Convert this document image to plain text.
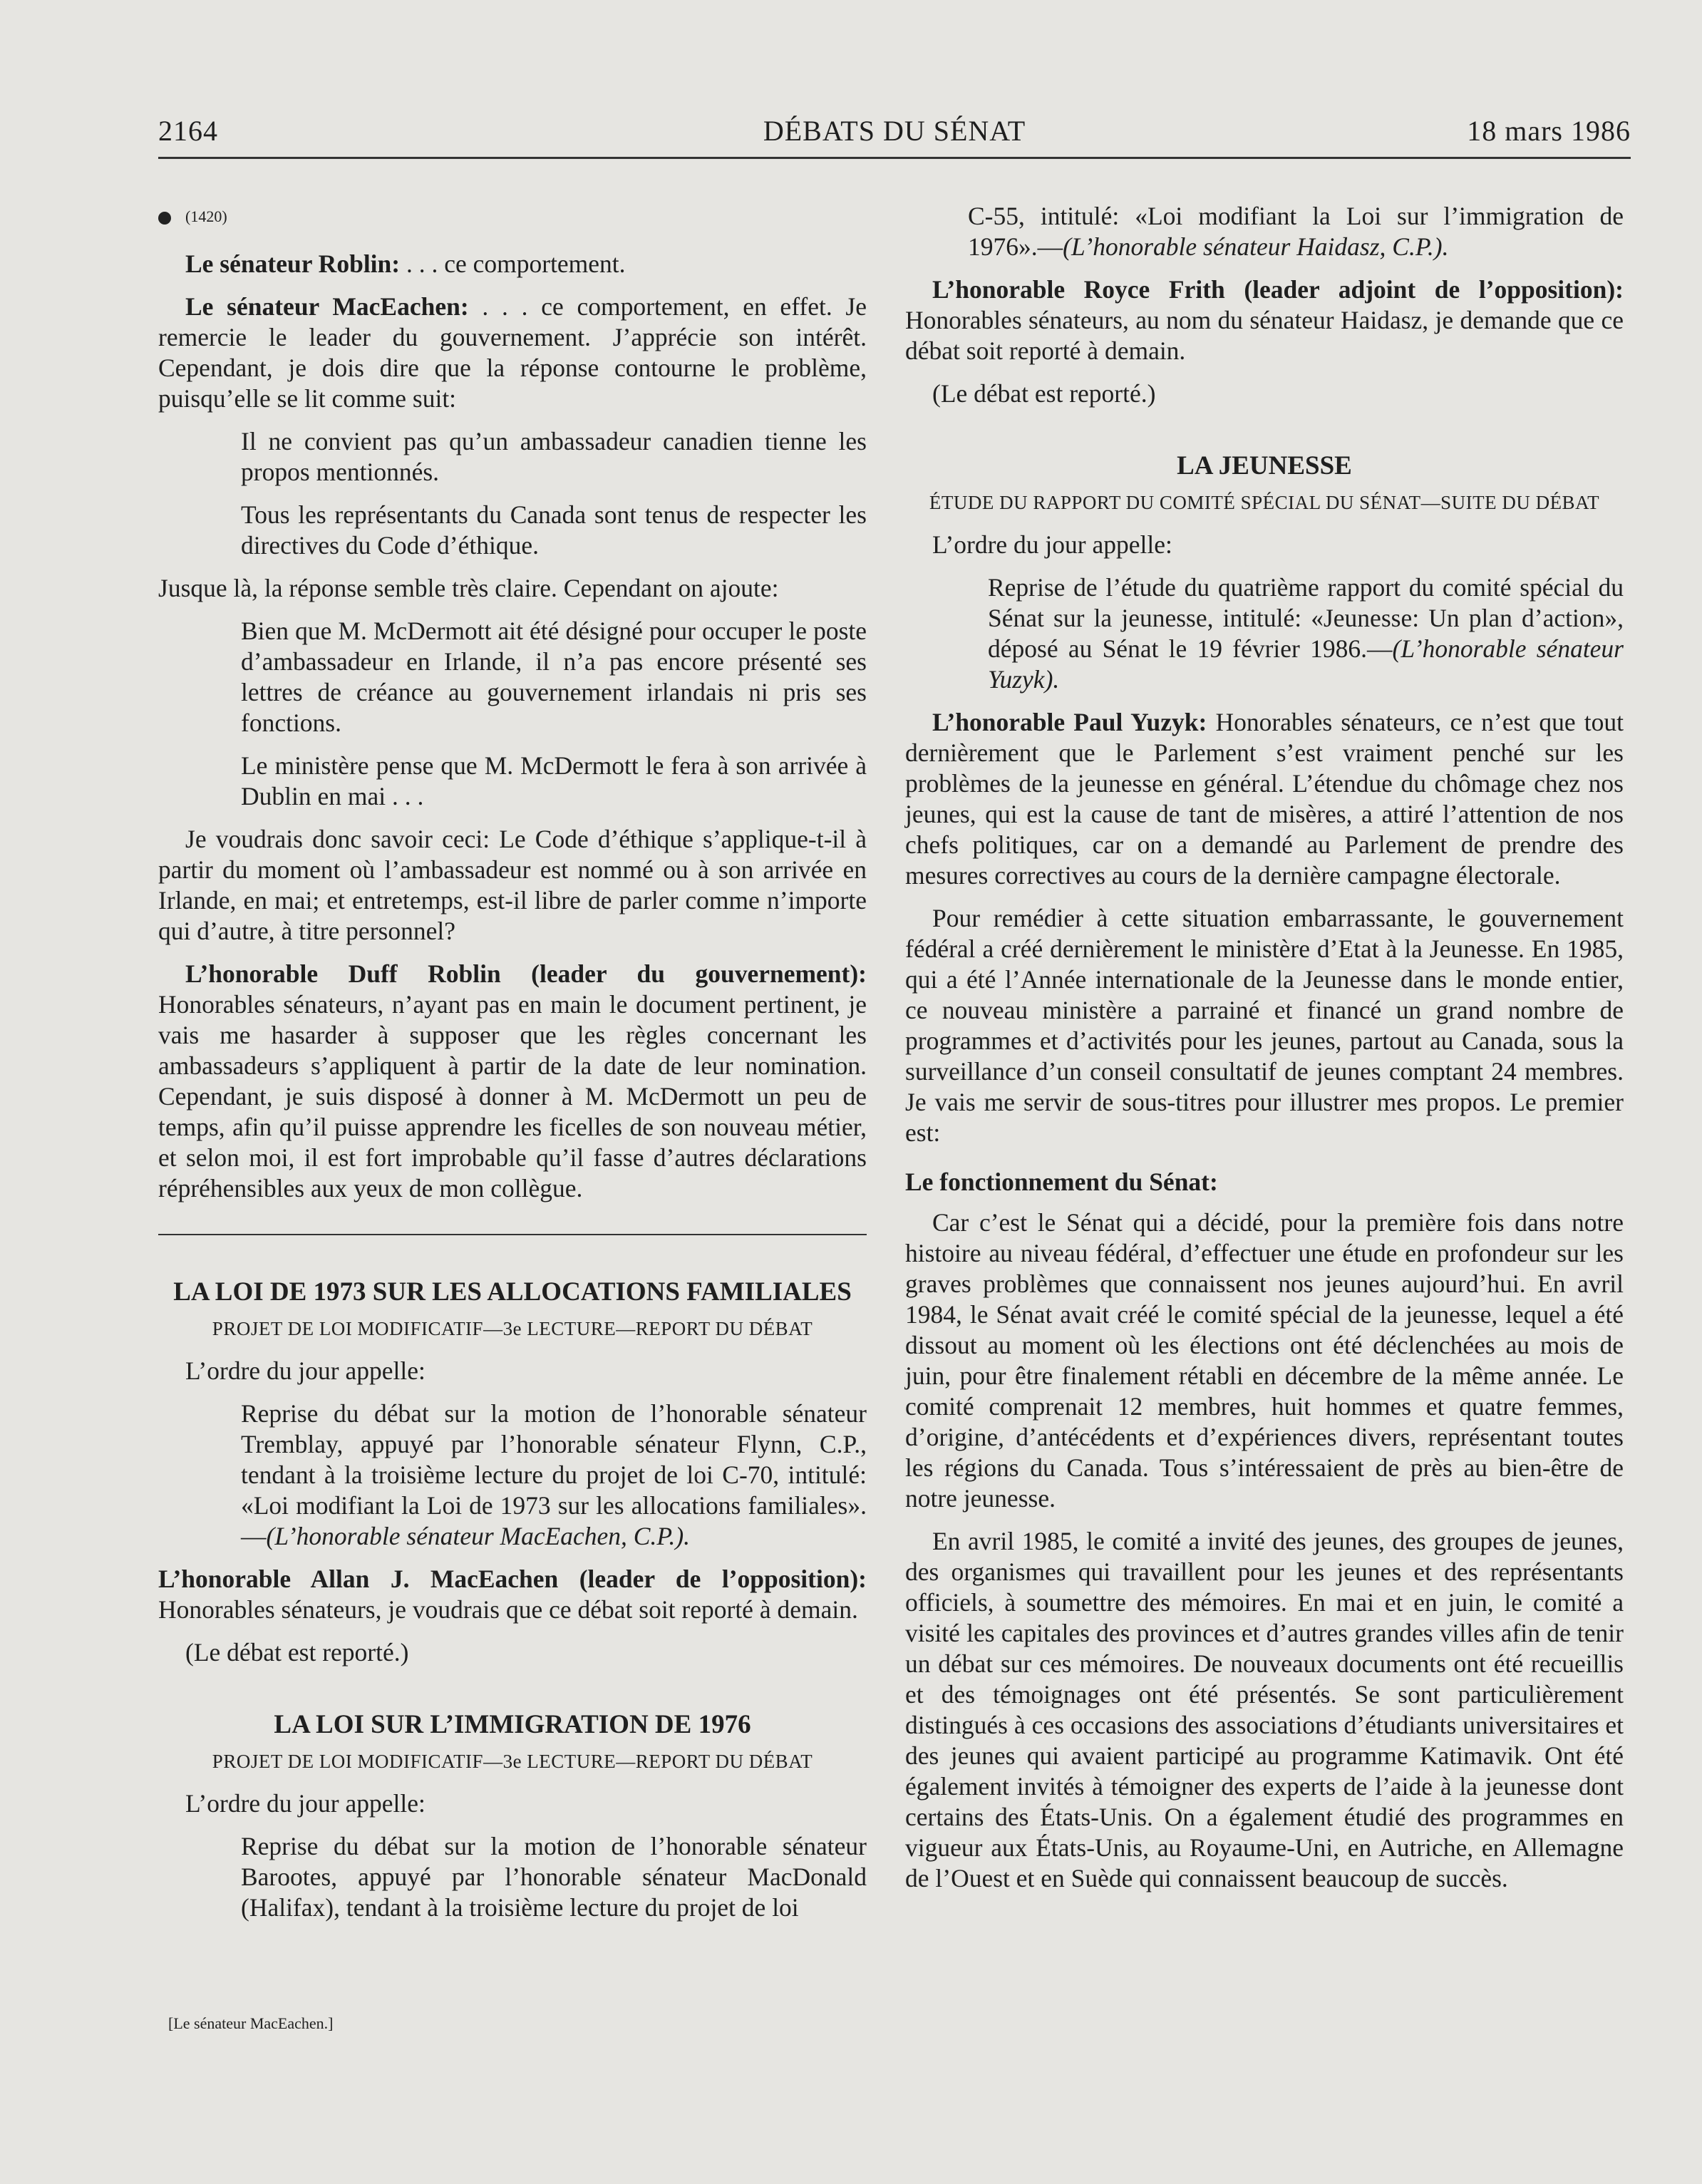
DÉBATS DU SÉNAT
2164	18 mars 1986
(1420)

Le sénateur Roblin: . . . ce comportement.

Le sénateur MacEachen: . . . ce comportement, en effet. Je remercie le leader du gouvernement. J’apprécie son intérêt. Cependant, je dois dire que la réponse contourne le problème, puisqu’elle se lit comme suit:

Il ne convient pas qu’un ambassadeur canadien tienne les propos mentionnés.

Tous les représentants du Canada sont tenus de respecter les directives du Code d’éthique.

Jusque là, la réponse semble très claire. Cependant on ajoute:

Bien que M. McDermott ait été désigné pour occuper le poste d’ambassadeur en Irlande, il n’a pas encore présenté ses lettres de créance au gouvernement irlandais ni pris ses fonctions.

Le ministère pense que M. McDermott le fera à son arrivée à Dublin en mai . . .

Je voudrais donc savoir ceci: Le Code d’éthique s’applique-t-il à partir du moment où l’ambassadeur est nommé ou à son arrivée en Irlande, en mai; et entretemps, est-il libre de parler comme n’importe qui d’autre, à titre personnel?

L’honorable Duff Roblin (leader du gouvernement): Honorables sénateurs, n’ayant pas en main le document pertinent, je vais me hasarder à supposer que les règles concernant les ambassadeurs s’appliquent à partir de la date de leur nomination. Cependant, je suis disposé à donner à M. McDermott un peu de temps, afin qu’il puisse apprendre les ficelles de son nouveau métier, et selon moi, il est fort improbable qu’il fasse d’autres déclarations répréhensibles aux yeux de mon collègue.

LA LOI DE 1973 SUR LES ALLOCATIONS FAMILIALES

PROJET DE LOI MODIFICATIF—3e LECTURE—REPORT DU DÉBAT

L’ordre du jour appelle:

Reprise du débat sur la motion de l’honorable sénateur Tremblay, appuyé par l’honorable sénateur Flynn, C.P., tendant à la troisième lecture du projet de loi C-70, intitulé: «Loi modifiant la Loi de 1973 sur les allocations familiales».—(L’honorable sénateur MacEachen, C.P.).

L’honorable Allan J. MacEachen (leader de l’opposition): Honorables sénateurs, je voudrais que ce débat soit reporté à demain.

(Le débat est reporté.)

LA LOI SUR L’IMMIGRATION DE 1976

PROJET DE LOI MODIFICATIF—3e LECTURE—REPORT DU DÉBAT

L’ordre du jour appelle:

Reprise du débat sur la motion de l’honorable sénateur Barootes, appuyé par l’honorable sénateur MacDonald (Halifax), tendant à la troisième lecture du projet de loi

[Le sénateur MacEachen.]

C-55, intitulé: «Loi modifiant la Loi sur l’immigration de 1976».—(L’honorable sénateur Haidasz, C.P.).

L’honorable Royce Frith (leader adjoint de l’opposition): Honorables sénateurs, au nom du sénateur Haidasz, je demande que ce débat soit reporté à demain.

(Le débat est reporté.)

LA JEUNESSE

ÉTUDE DU RAPPORT DU COMITÉ SPÉCIAL DU SÉNAT—SUITE DU DÉBAT

L’ordre du jour appelle:

Reprise de l’étude du quatrième rapport du comité spécial du Sénat sur la jeunesse, intitulé: «Jeunesse: Un plan d’action», déposé au Sénat le 19 février 1986.—(L’honorable sénateur Yuzyk).

L’honorable Paul Yuzyk: Honorables sénateurs, ce n’est que tout dernièrement que le Parlement s’est vraiment penché sur les problèmes de la jeunesse en général. L’étendue du chômage chez nos jeunes, qui est la cause de tant de misères, a attiré l’attention de nos chefs politiques, car on a demandé au Parlement de prendre des mesures correctives au cours de la dernière campagne électorale.

Pour remédier à cette situation embarrassante, le gouvernement fédéral a créé dernièrement le ministère d’Etat à la Jeunesse. En 1985, qui a été l’Année internationale de la Jeunesse dans le monde entier, ce nouveau ministère a parrainé et financé un grand nombre de programmes et d’activités pour les jeunes, partout au Canada, sous la surveillance d’un conseil consultatif de jeunes comptant 24 membres. Je vais me servir de sous-titres pour illustrer mes propos. Le premier est:

Le fonctionnement du Sénat:

Car c’est le Sénat qui a décidé, pour la première fois dans notre histoire au niveau fédéral, d’effectuer une étude en profondeur sur les graves problèmes que connaissent nos jeunes aujourd’hui. En avril 1984, le Sénat avait créé le comité spécial de la jeunesse, lequel a été dissout au moment où les élections ont été déclenchées au mois de juin, pour être finalement rétabli en décembre de la même année. Le comité comprenait 12 membres, huit hommes et quatre femmes, d’origine, d’antécédents et d’expériences divers, représentant toutes les régions du Canada. Tous s’intéressaient de près au bien-être de notre jeunesse.

En avril 1985, le comité a invité des jeunes, des groupes de jeunes, des organismes qui travaillent pour les jeunes et des représentants officiels, à soumettre des mémoires. En mai et en juin, le comité a visité les capitales des provinces et d’autres grandes villes afin de tenir un débat sur ces mémoires. De nouveaux documents ont été recueillis et des témoignages ont été présentés. Se sont particulièrement distingués à ces occasions des associations d’étudiants universitaires et des jeunes qui avaient participé au programme Katimavik. Ont été également invités à témoigner des experts de l’aide à la jeunesse dont certains des États-Unis. On a également étudié des programmes en vigueur aux États-Unis, au Royaume-Uni, en Autriche, en Allemagne de l’Ouest et en Suède qui connaissent beaucoup de succès.
